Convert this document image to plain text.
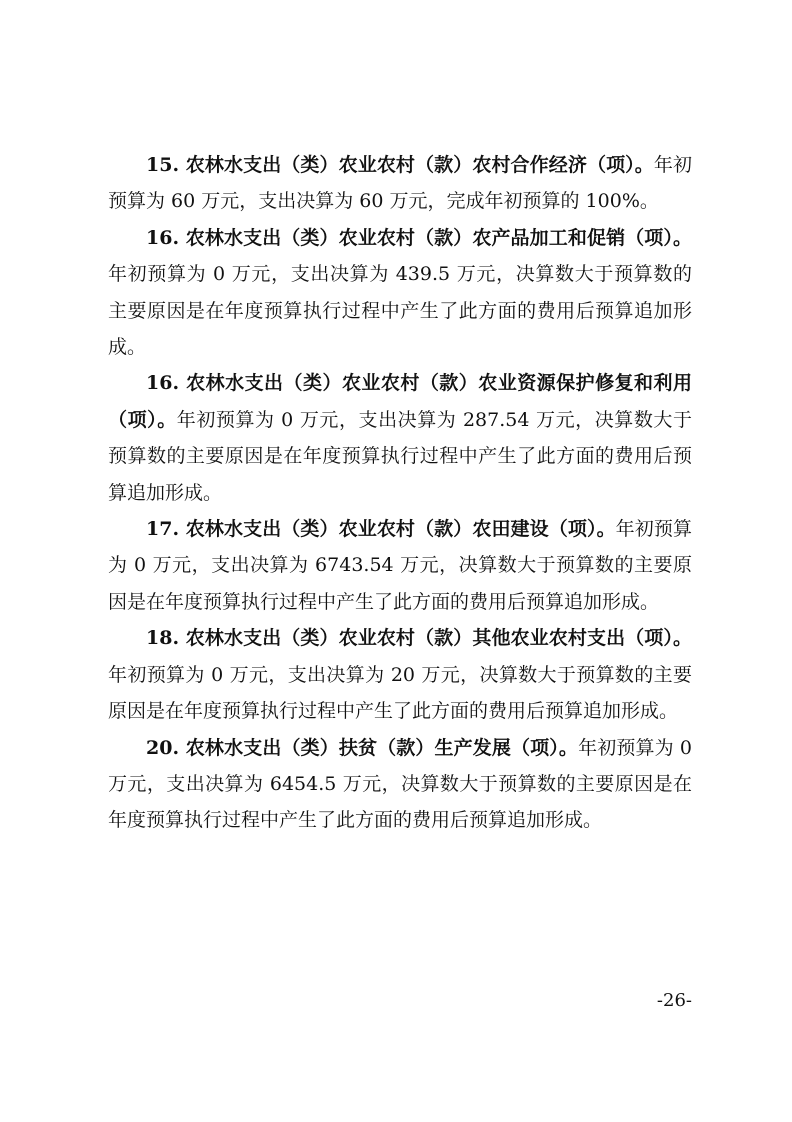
15. 农林水支出（类）农业农村（款）农村合作经济（项）。年初预算为 60 万元，支出决算为 60 万元，完成年初预算的 100%。

16. 农林水支出（类）农业农村（款）农产品加工和促销（项）。年初预算为 0 万元，支出决算为 439.5 万元，决算数大于预算数的主要原因是在年度预算执行过程中产生了此方面的费用后预算追加形成。

16. 农林水支出（类）农业农村（款）农业资源保护修复和利用（项）。年初预算为 0 万元，支出决算为 287.54 万元，决算数大于预算数的主要原因是在年度预算执行过程中产生了此方面的费用后预算追加形成。

17. 农林水支出（类）农业农村（款）农田建设（项）。年初预算为 0 万元，支出决算为 6743.54 万元，决算数大于预算数的主要原因是在年度预算执行过程中产生了此方面的费用后预算追加形成。

18. 农林水支出（类）农业农村（款）其他农业农村支出（项）。年初预算为 0 万元，支出决算为 20 万元，决算数大于预算数的主要原因是在年度预算执行过程中产生了此方面的费用后预算追加形成。

20. 农林水支出（类）扶贫（款）生产发展（项）。年初预算为 0 万元，支出决算为 6454.5 万元，决算数大于预算数的主要原因是在年度预算执行过程中产生了此方面的费用后预算追加形成。

-26-
